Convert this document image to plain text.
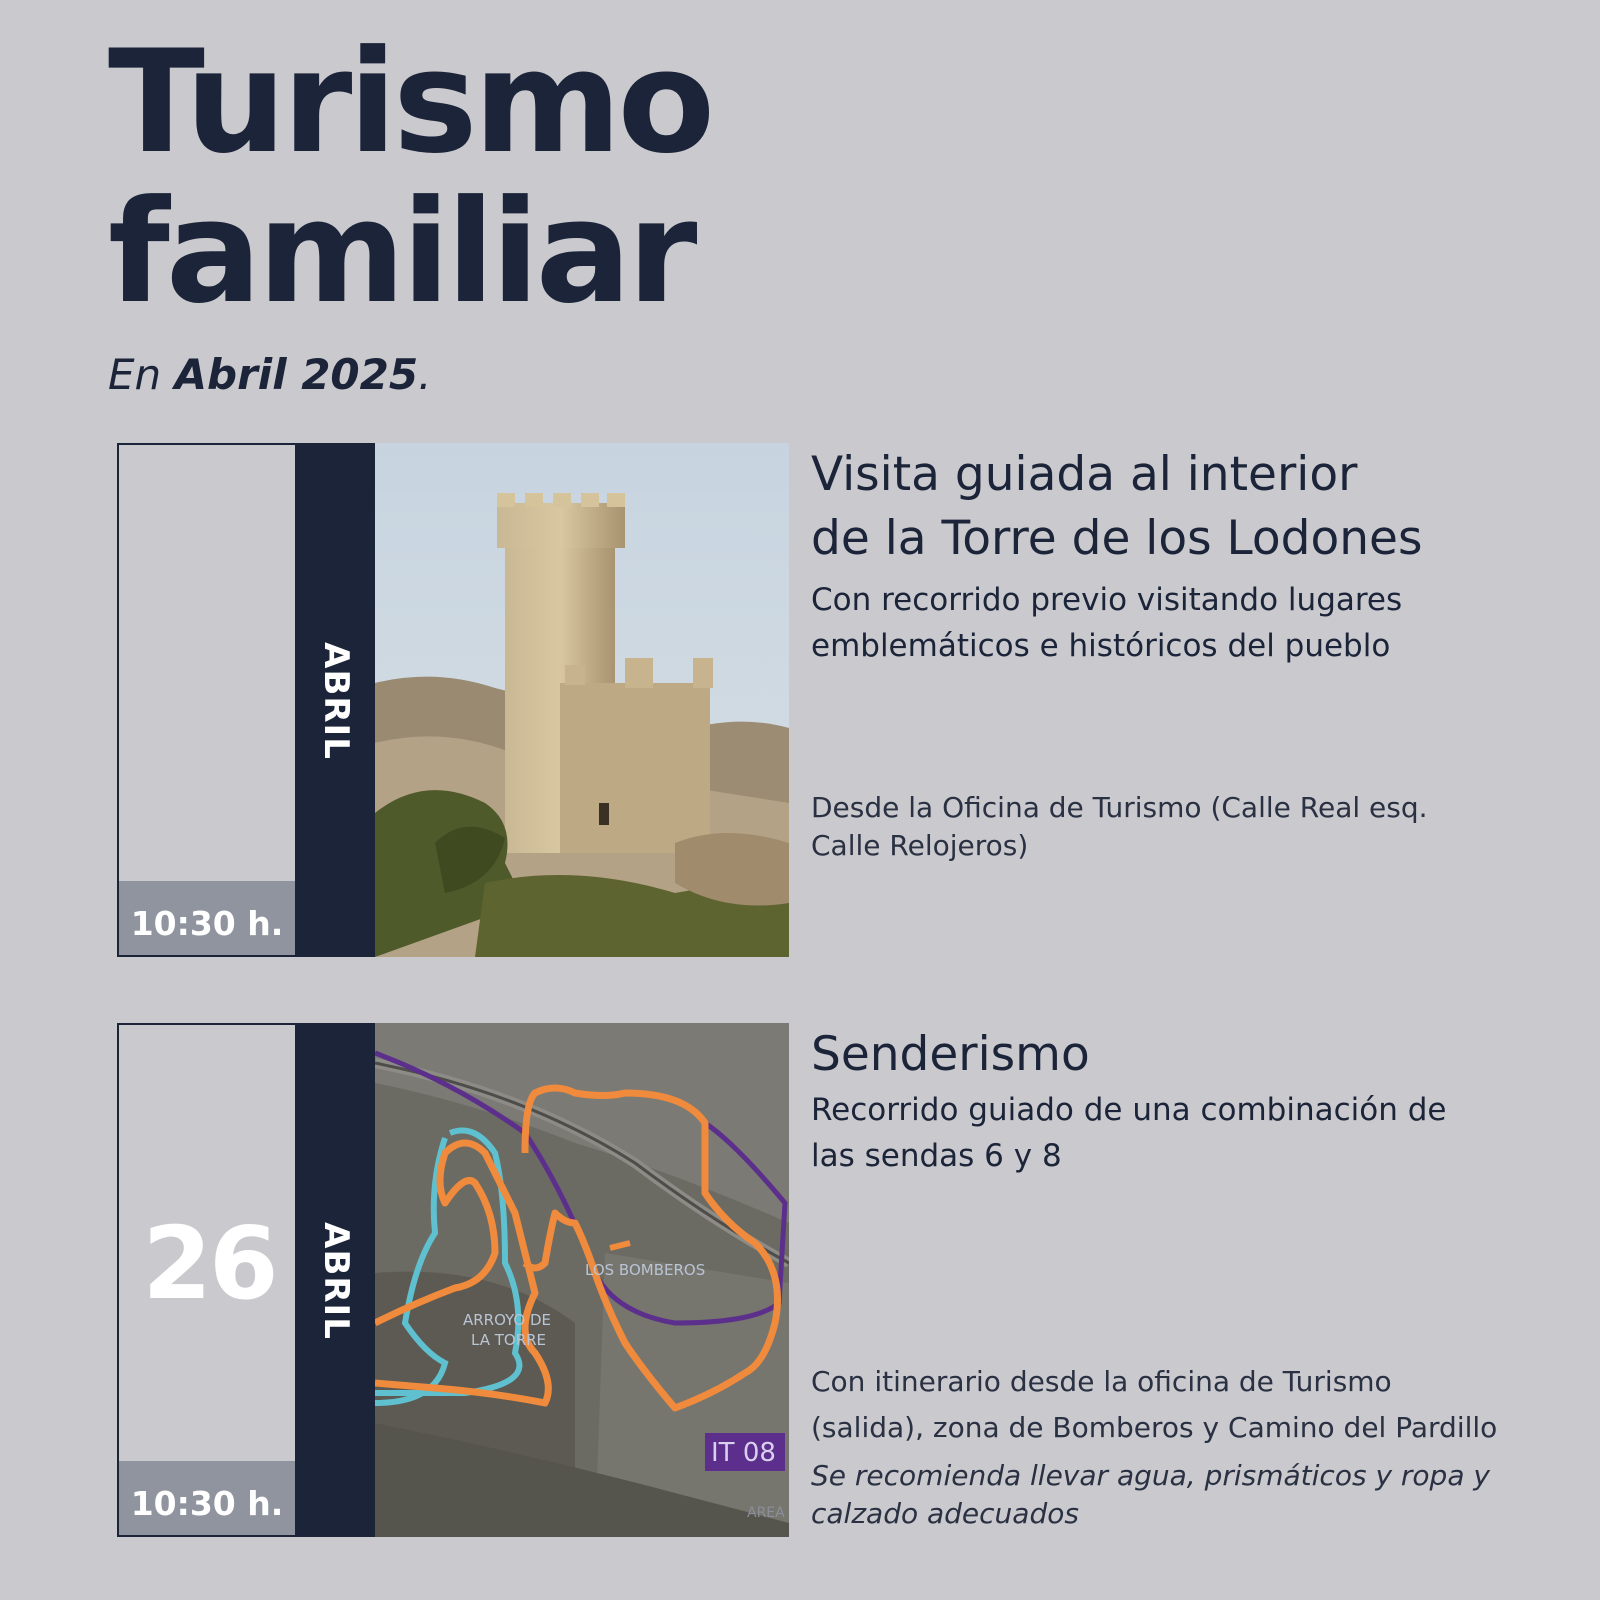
Turismo
familiar
En Abril 2025.
10:30 h.
ABRIL

Visita guiada al interior
de la Torre de los Lodones

Con recorrido previo visitando lugares
emblemáticos e históricos del pueblo

Desde la Oficina de Turismo (Calle Real esq.
Calle Relojeros)

26
10:30 h.
ABRIL	LOS BOMBEROS
ARROYO DE
LA TORRE
IT 08
AREA

Senderismo

Recorrido guiado de una combinación de
las sendas 6 y 8

Con itinerario desde la oficina de Turismo
(salida), zona de Bomberos y Camino del Pardillo

Se recomienda llevar agua, prismáticos y ropa y
calzado adecuados
